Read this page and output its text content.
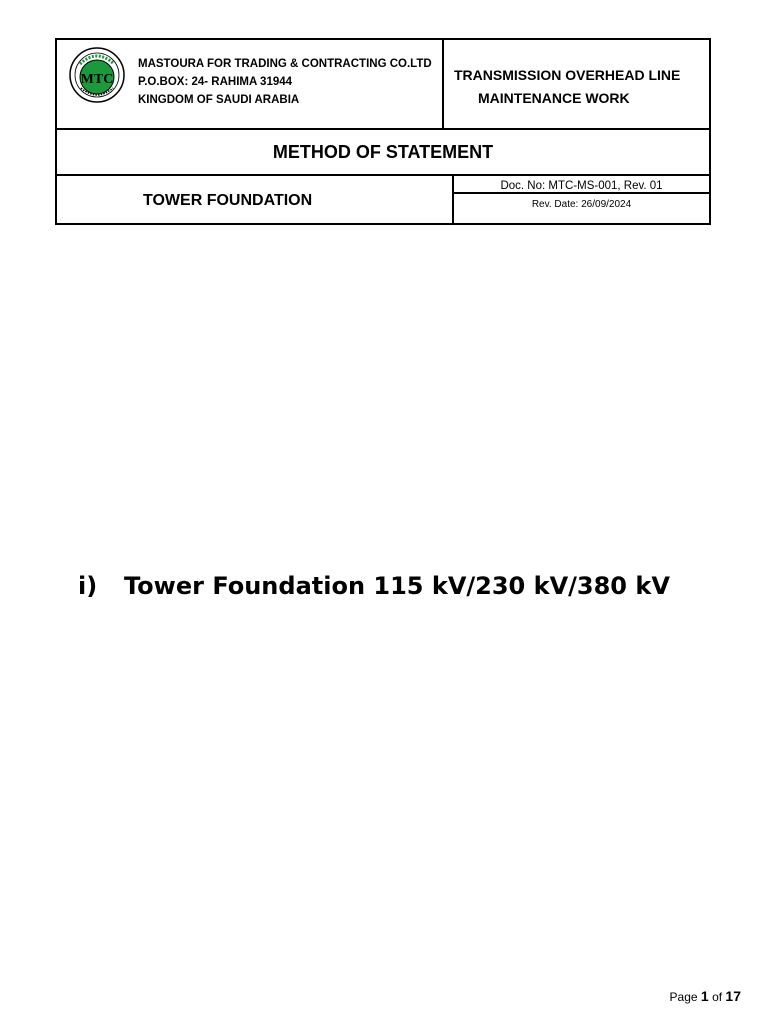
MTC
MASTOURA FOR TRADING & CONTRACTING CO.LTD
P.O.BOX: 24- RAHIMA 31944
KINGDOM OF SAUDI ARABIA
TRANSMISSION OVERHEAD LINE
MAINTENANCE WORK
METHOD OF STATEMENT
TOWER FOUNDATION
Doc. No: MTC-MS-001, Rev. 01
Rev. Date: 26/09/2024
i) Tower Foundation 115 kV/230 kV/380 kV
Page 1 of 17
